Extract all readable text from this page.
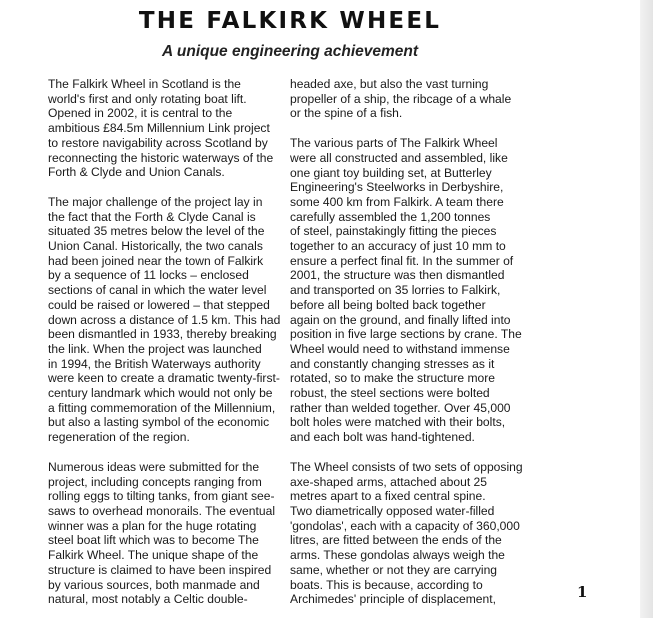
THE FALKIRK WHEEL
A unique engineering achievement

The Falkirk Wheel in Scotland is the
world's first and only rotating boat lift.
Opened in 2002, it is central to the
ambitious £84.5m Millennium Link project
to restore navigability across Scotland by
reconnecting the historic waterways of the
Forth & Clyde and Union Canals.

The major challenge of the project lay in
the fact that the Forth & Clyde Canal is
situated 35 metres below the level of the
Union Canal. Historically, the two canals
had been joined near the town of Falkirk
by a sequence of 11 locks – enclosed
sections of canal in which the water level
could be raised or lowered – that stepped
down across a distance of 1.5 km. This had
been dismantled in 1933, thereby breaking
the link. When the project was launched
in 1994, the British Waterways authority
were keen to create a dramatic twenty-first-
century landmark which would not only be
a fitting commemoration of the Millennium,
but also a lasting symbol of the economic
regeneration of the region.

Numerous ideas were submitted for the
project, including concepts ranging from
rolling eggs to tilting tanks, from giant see-
saws to overhead monorails. The eventual
winner was a plan for the huge rotating
steel boat lift which was to become The
Falkirk Wheel. The unique shape of the
structure is claimed to have been inspired
by various sources, both manmade and
natural, most notably a Celtic double-

headed axe, but also the vast turning
propeller of a ship, the ribcage of a whale
or the spine of a fish.

The various parts of The Falkirk Wheel
were all constructed and assembled, like
one giant toy building set, at Butterley
Engineering's Steelworks in Derbyshire,
some 400 km from Falkirk. A team there
carefully assembled the 1,200 tonnes
of steel, painstakingly fitting the pieces
together to an accuracy of just 10 mm to
ensure a perfect final fit. In the summer of
2001, the structure was then dismantled
and transported on 35 lorries to Falkirk,
before all being bolted back together
again on the ground, and finally lifted into
position in five large sections by crane. The
Wheel would need to withstand immense
and constantly changing stresses as it
rotated, so to make the structure more
robust, the steel sections were bolted
rather than welded together. Over 45,000
bolt holes were matched with their bolts,
and each bolt was hand-tightened.

The Wheel consists of two sets of opposing
axe-shaped arms, attached about 25
metres apart to a fixed central spine.
Two diametrically opposed water-filled
'gondolas', each with a capacity of 360,000
litres, are fitted between the ends of the
arms. These gondolas always weigh the
same, whether or not they are carrying
boats. This is because, according to
Archimedes' principle of displacement,	1
